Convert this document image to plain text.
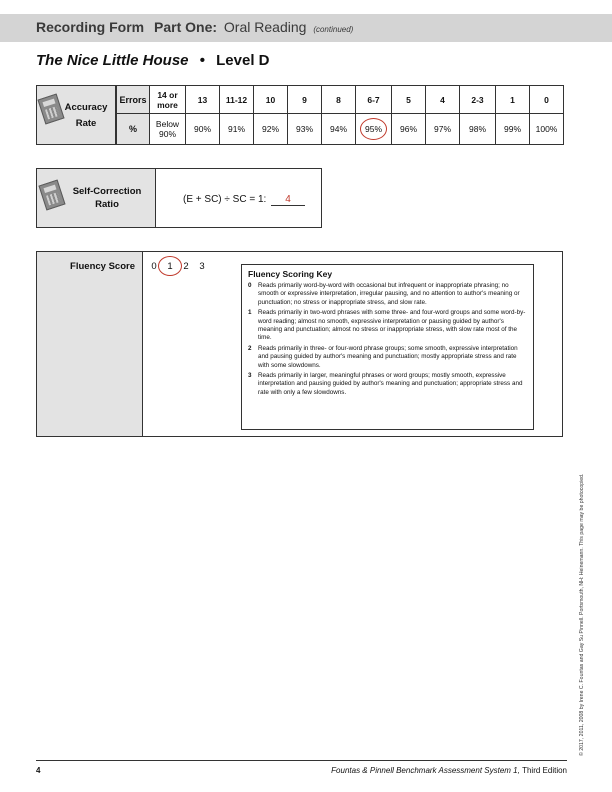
Recording Form Part One: Oral Reading (continued)
The Nice Little House • Level D
Accuracy
Rate
Errors	14 or more	13	11-12	10	9	8	6-7	5	4	2-3	1	0
%	Below 90%	90%	91%	92%	93%	94%	95%	96%	97%	98%	99%	100%
Self-Correction
Ratio	(E + SC) ÷ SC = 1: 4
Fluency Score 0 1 2 3
Fluency Scoring Key
0 Reads primarily word-by-word with occasional but infrequent or inappropriate phrasing; no smooth or expressive interpretation, irregular pausing, and no attention to author's meaning or punctuation; no stress or inappropriate stress, and slow rate.
1 Reads primarily in two-word phrases with some three- and four-word groups and some word-by-word reading; almost no smooth, expressive interpretation or pausing guided by author's meaning and punctuation; almost no stress or inappropriate stress, with slow rate most of the time.
2 Reads primarily in three- or four-word phrase groups; some smooth, expressive interpretation and pausing guided by author's meaning and punctuation; mostly appropriate stress and rate with some slowdowns.
3 Reads primarily in larger, meaningful phrases or word groups; mostly smooth, expressive interpretation and pausing guided by author's meaning and punctuation; appropriate stress and rate with only a few slowdowns.
© 2017, 2011, 2008 by Irene C. Fountas and Gay Su Pinnell. Portsmouth, NH: Heinemann. This page may be photocopied.
4	Fountas & Pinnell Benchmark Assessment System 1, Third Edition
